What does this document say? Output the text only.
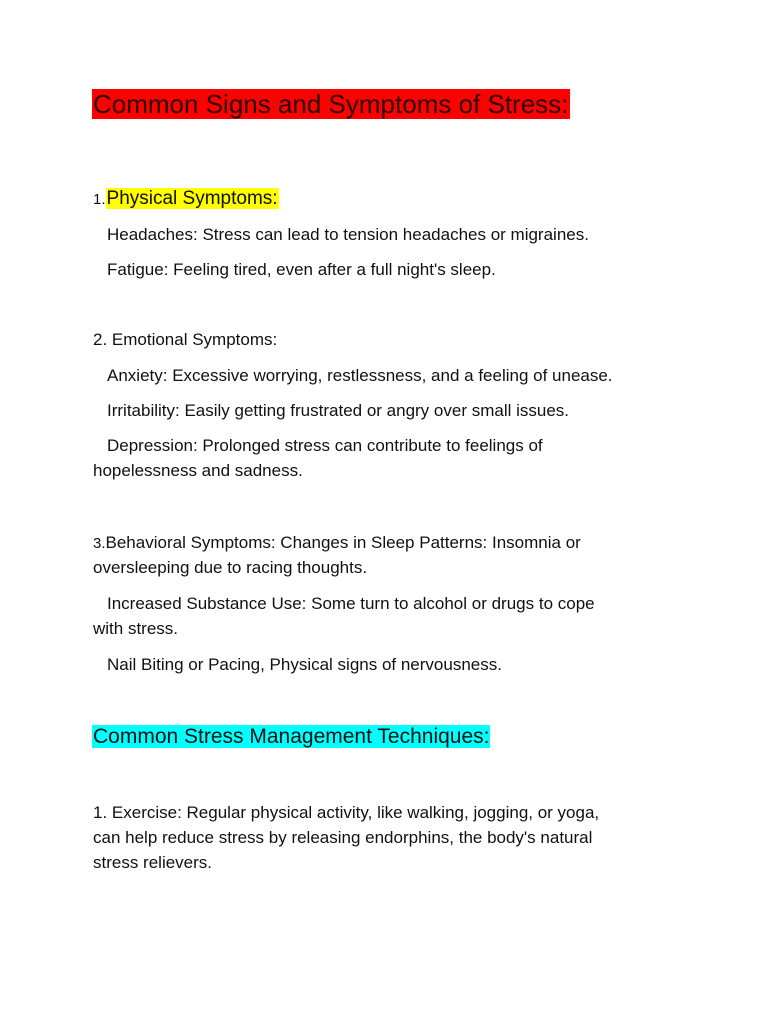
Common Signs and Symptoms of Stress:
1.Physical Symptoms:
Headaches: Stress can lead to tension headaches or migraines.
Fatigue: Feeling tired, even after a full night's sleep.
2. Emotional Symptoms:
Anxiety: Excessive worrying, restlessness, and a feeling of unease.
Irritability: Easily getting frustrated or angry over small issues.
Depression: Prolonged stress can contribute to feelings of
hopelessness and sadness.
3.Behavioral Symptoms: Changes in Sleep Patterns: Insomnia or
oversleeping due to racing thoughts.
Increased Substance Use: Some turn to alcohol or drugs to cope
with stress.
Nail Biting or Pacing, Physical signs of nervousness.
Common Stress Management Techniques:
1. Exercise: Regular physical activity, like walking, jogging, or yoga,
can help reduce stress by releasing endorphins, the body's natural
stress relievers.
